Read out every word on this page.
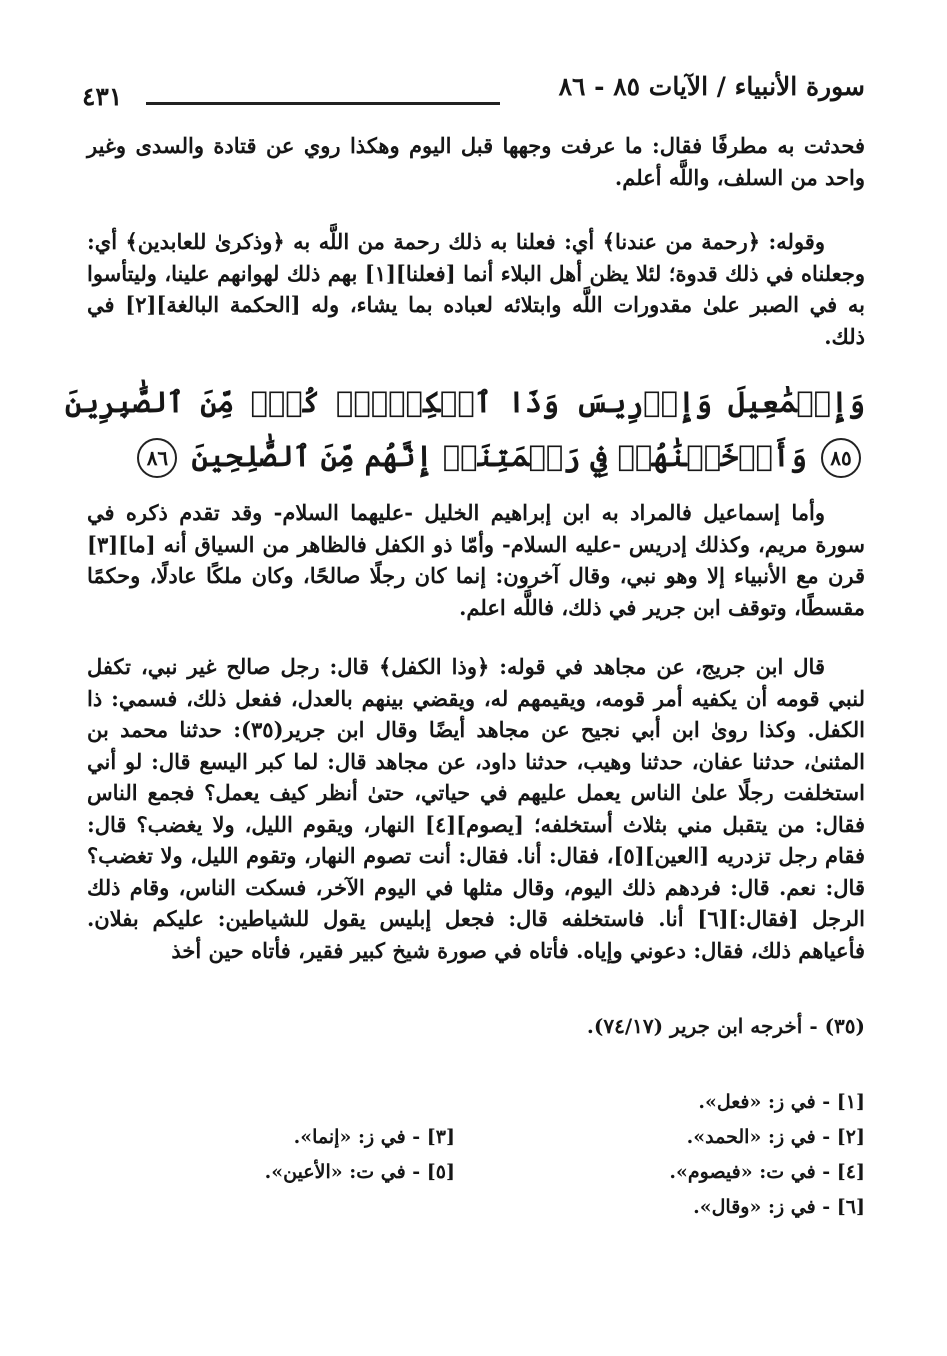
سورة الأنبياء / الآيات ٨٥ - ٨٦
٤٣١

فحدثت به مطرفًا فقال: ما عرفت وجهها قبل اليوم وهكذا روي عن قتادة والسدى وغير واحد من السلف، واللَّه أعلم.

وقوله: ﴿رحمة من عندنا﴾ أي: فعلنا به ذلك رحمة من اللَّه به ﴿وذكرىٰ للعابدين﴾ أي: وجعلناه في ذلك قدوة؛ لئلا يظن أهل البلاء أنما [فعلنا][١] بهم ذلك لهوانهم علينا، وليتأسوا به في الصبر علىٰ مقدورات اللَّه وابتلائه لعباده بما يشاء، وله [الحكمة البالغة][٢] في ذلك.

وَإِسۡمَٰعِيلَ وَإِدۡرِيسَ وَذَا ٱلۡكِفۡلِۖ كُلّٞ مِّنَ ٱلصَّٰبِرِينَ ٨٥ وَأَدۡخَلۡنَٰهُمۡ فِي رَحۡمَتِنَآۖ إِنَّهُم مِّنَ ٱلصَّٰلِحِينَ ٨٦

وأما إسماعيل فالمراد به ابن إبراهيم الخليل -عليهما السلام- وقد تقدم ذكره في سورة مريم، وكذلك إدريس -عليه السلام- وأمّا ذو الكفل فالظاهر من السياق أنه [ما][٣] قرن مع الأنبياء إلا وهو نبي، وقال آخرون: إنما كان رجلًا صالحًا، وكان ملكًا عادلًا، وحكمًا مقسطًا، وتوقف ابن جرير في ذلك، فاللَّه اعلم.

قال ابن جريج، عن مجاهد في قوله: ﴿وذا الكفل﴾ قال: رجل صالح غير نبي، تكفل لنبي قومه أن يكفيه أمر قومه، ويقيمهم له، ويقضي بينهم بالعدل، ففعل ذلك، فسمي: ذا الكفل. وكذا روىٰ ابن أبي نجيح عن مجاهد أيضًا وقال ابن جرير(٣٥): حدثنا محمد بن المثنىٰ، حدثنا عفان، حدثنا وهيب، حدثنا داود، عن مجاهد قال: لما كبر اليسع قال: لو أني استخلفت رجلًا علىٰ الناس يعمل عليهم في حياتي، حتىٰ أنظر كيف يعمل؟ فجمع الناس فقال: من يتقبل مني بثلاث أستخلفه؛ [يصوم][٤] النهار، ويقوم الليل، ولا يغضب؟ قال: فقام رجل تزدريه [العين][٥]، فقال: أنا. فقال: أنت تصوم النهار، وتقوم الليل، ولا تغضب؟ قال: نعم. قال: فردهم ذلك اليوم، وقال مثلها في اليوم الآخر، فسكت الناس، وقام ذلك الرجل [فقال:][٦] أنا. فاستخلفه قال: فجعل إبليس يقول للشياطين: عليكم بفلان. فأعياهم ذلك، فقال: دعوني وإياه. فأتاه في صورة شيخ كبير فقير، فأتاه حين أخذ

(٣٥) - أخرجه ابن جرير (٧٤/١٧).

[١] - في ز: «فعل».

[٢] - في ز: «الحمد».

[٤] - في ت: «فيصوم».

[٦] - في ز: «وقال».

[٣] - في ز: «إنما».

[٥] - في ت: «الأعين».
